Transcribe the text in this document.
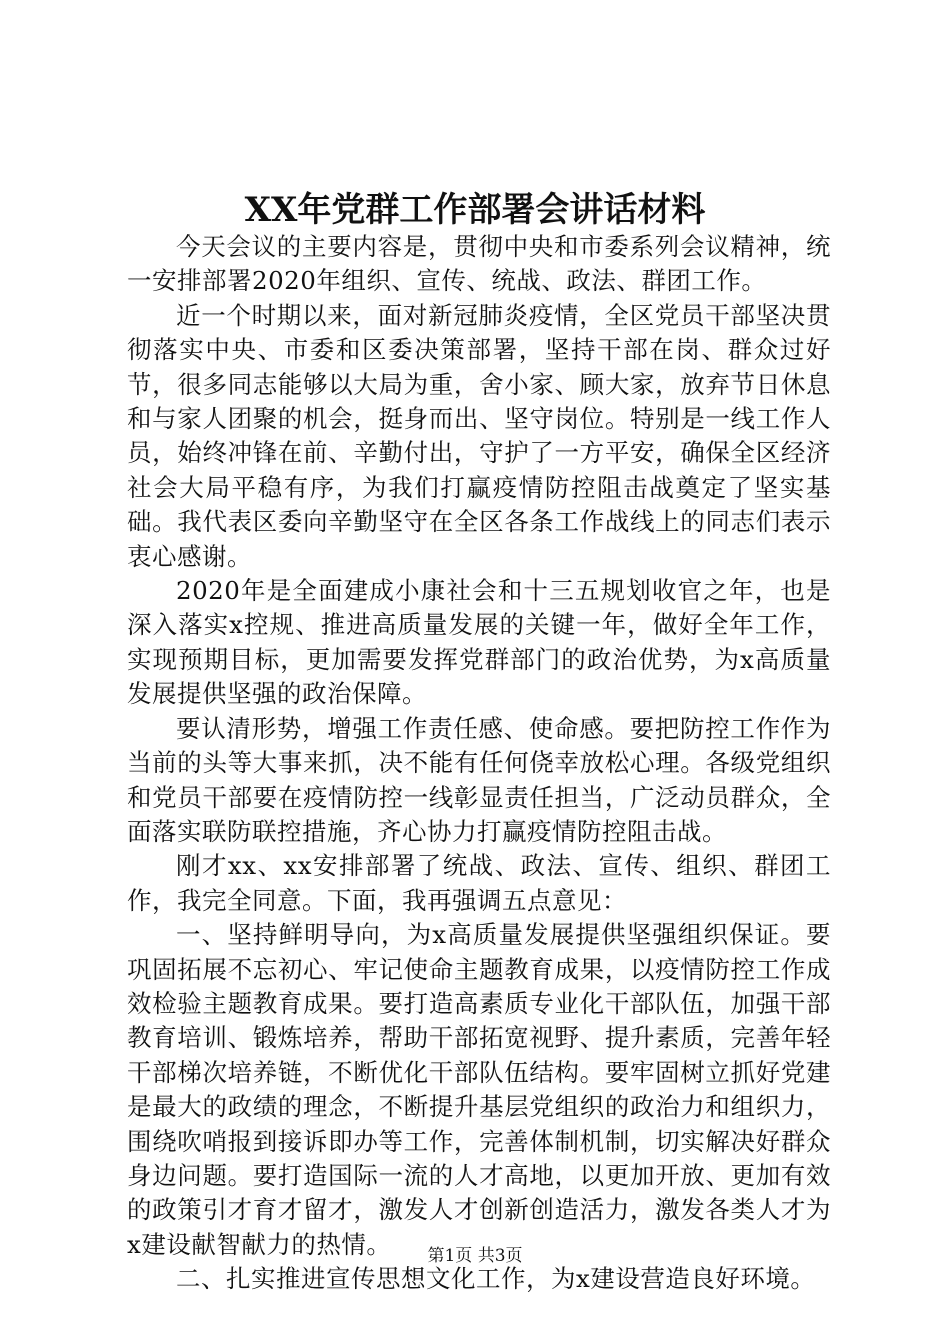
XX年党群工作部署会讲话材料

今天会议的主要内容是，贯彻中央和市委系列会议精神，统一安排部署2020年组织、宣传、统战、政法、群团工作。

近一个时期以来，面对新冠肺炎疫情，全区党员干部坚决贯彻落实中央、市委和区委决策部署，坚持干部在岗、群众过好节，很多同志能够以大局为重，舍小家、顾大家，放弃节日休息和与家人团聚的机会，挺身而出、坚守岗位。特别是一线工作人员，始终冲锋在前、辛勤付出，守护了一方平安，确保全区经济社会大局平稳有序，为我们打赢疫情防控阻击战奠定了坚实基础。我代表区委向辛勤坚守在全区各条工作战线上的同志们表示衷心感谢。

2020年是全面建成小康社会和十三五规划收官之年，也是深入落实x控规、推进高质量发展的关键一年，做好全年工作，实现预期目标，更加需要发挥党群部门的政治优势，为x高质量发展提供坚强的政治保障。

要认清形势，增强工作责任感、使命感。要把防控工作作为当前的头等大事来抓，决不能有任何侥幸放松心理。各级党组织和党员干部要在疫情防控一线彰显责任担当，广泛动员群众，全面落实联防联控措施，齐心协力打赢疫情防控阻击战。

刚才xx、xx安排部署了统战、政法、宣传、组织、群团工作，我完全同意。下面，我再强调五点意见：

一、坚持鲜明导向，为x高质量发展提供坚强组织保证。要巩固拓展不忘初心、牢记使命主题教育成果，以疫情防控工作成效检验主题教育成果。要打造高素质专业化干部队伍，加强干部教育培训、锻炼培养，帮助干部拓宽视野、提升素质，完善年轻干部梯次培养链，不断优化干部队伍结构。要牢固树立抓好党建是最大的政绩的理念，不断提升基层党组织的政治力和组织力，围绕吹哨报到接诉即办等工作，完善体制机制，切实解决好群众身边问题。要打造国际一流的人才高地，以更加开放、更加有效的政策引才育才留才，激发人才创新创造活力，激发各类人才为x建设献智献力的热情。

二、扎实推进宣传思想文化工作，为x建设营造良好环境。

第1页 共3页
